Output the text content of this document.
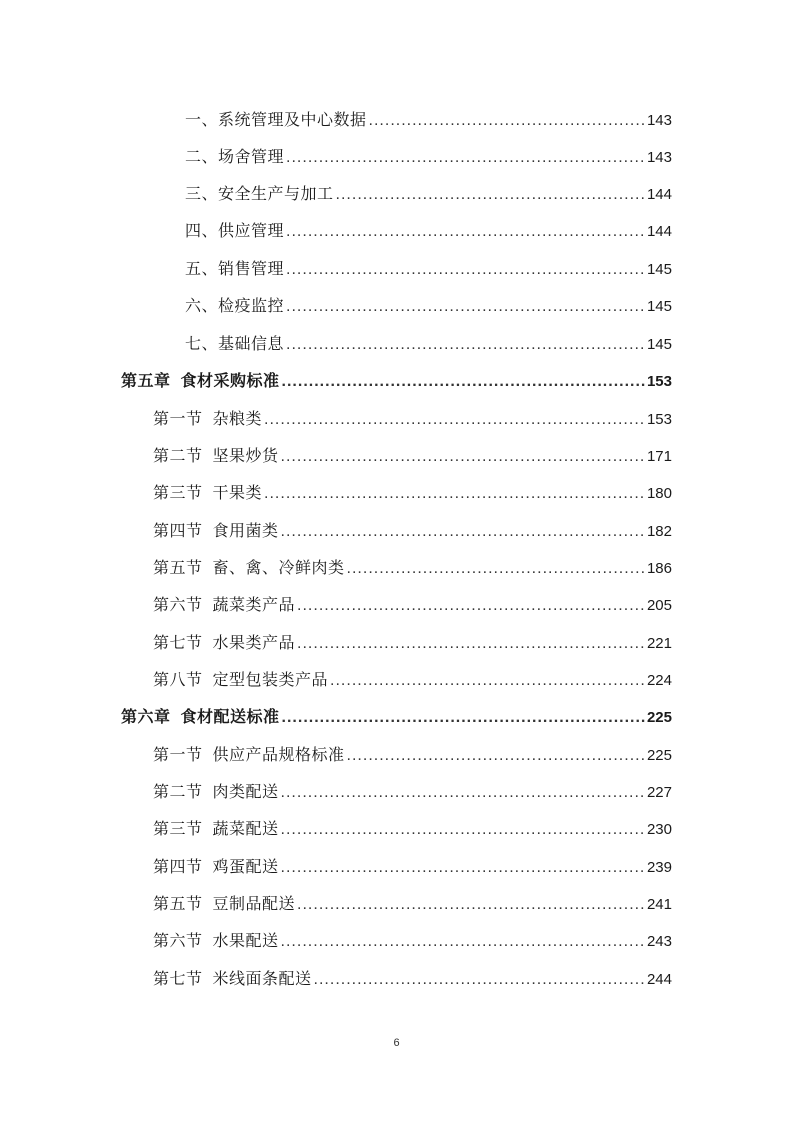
一、系统管理及中心数据 .....	143
二、场舍管理 .....	143
三、安全生产与加工 .....	144
四、供应管理 .....	144
五、销售管理 .....	145
六、检疫监控 .....	145
七、基础信息 .....	145
第五章 食材采购标准 .....	153
第一节 杂粮类 .....	153
第二节 坚果炒货 .....	171
第三节 干果类 .....	180
第四节 食用菌类 .....	182
第五节 畜、禽、冷鲜肉类 .....	186
第六节 蔬菜类产品 .....	205
第七节 水果类产品 .....	221
第八节 定型包装类产品 .....	224
第六章 食材配送标准 .....	225
第一节 供应产品规格标准 .....	225
第二节 肉类配送 .....	227
第三节 蔬菜配送 .....	230
第四节 鸡蛋配送 .....	239
第五节 豆制品配送 .....	241
第六节 水果配送 .....	243
第七节 米线面条配送 .....	244
6
